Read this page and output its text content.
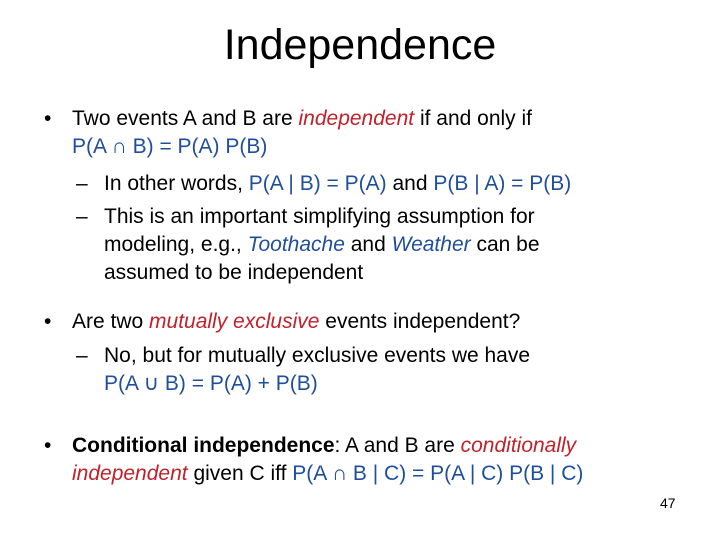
Independence
• Two events A and B are independent if and only if
P(A ∩ B) = P(A) P(B)
– In other words, P(A | B) = P(A) and P(B | A) = P(B)
– This is an important simplifying assumption for
modeling, e.g., Toothache and Weather can be
assumed to be independent
• Are two mutually exclusive events independent?
– No, but for mutually exclusive events we have
P(A ∪ B) = P(A) + P(B)
• Conditional independence: A and B are conditionally
independent given C iff P(A ∩ B | C) = P(A | C) P(B | C)
47
